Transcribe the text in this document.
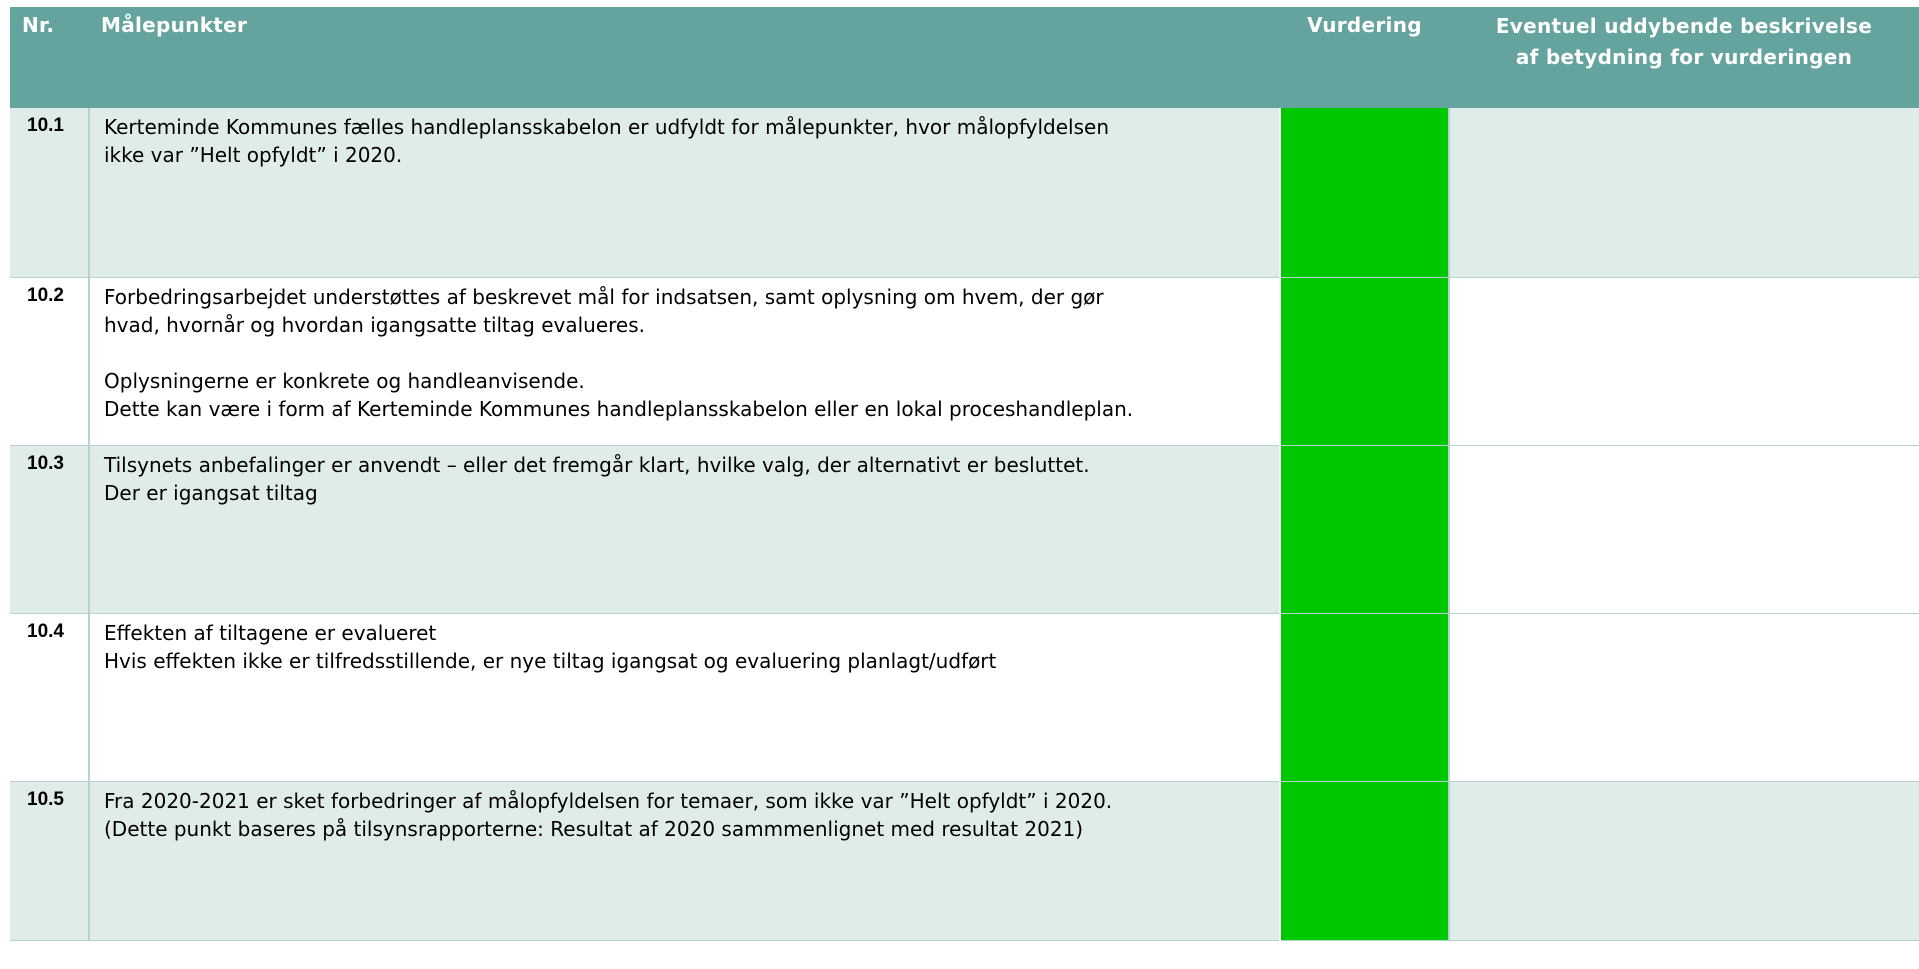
Nr.	Målepunkter	Vurdering	Eventuel uddybende beskrivelse
af betydning for vurderingen
10.1	Kerteminde Kommunes fælles handleplansskabelon er udfyldt for målepunkter, hvor målopfyldelsen
ikke var ”Helt opfyldt” i 2020.	

10.2	Forbedringsarbejdet understøttes af beskrevet mål for indsatsen, samt oplysning om hvem, der gør
hvad, hvornår og hvordan igangsatte tiltag evalueres.

Oplysningerne er konkrete og handleanvisende.
Dette kan være i form af Kerteminde Kommunes handleplansskabelon eller en lokal proceshandleplan.	

10.3	Tilsynets anbefalinger er anvendt – eller det fremgår klart, hvilke valg, der alternativt er besluttet.
Der er igangsat tiltag	

10.4	Effekten af tiltagene er evalueret
Hvis effekten ikke er tilfredsstillende, er nye tiltag igangsat og evaluering planlagt/udført	

10.5	Fra 2020-2021 er sket forbedringer af målopfyldelsen for temaer, som ikke var ”Helt opfyldt” i 2020.
(Dette punkt baseres på tilsynsrapporterne: Resultat af 2020 sammmenlignet med resultat 2021)	
